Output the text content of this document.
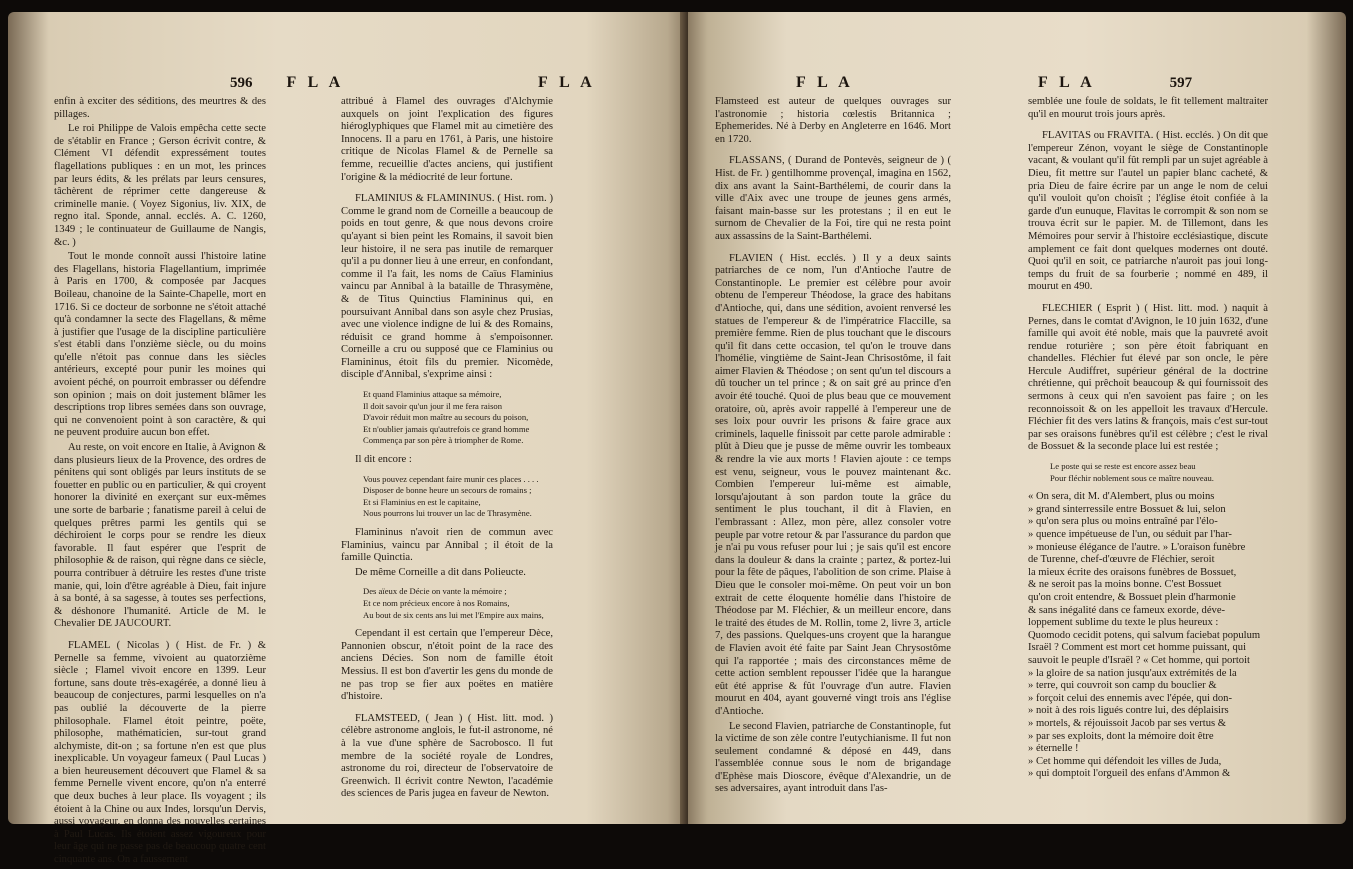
596 F L A	F L A

enfin à exciter des séditions, des meurtres & des pillages.

Le roi Philippe de Valois empêcha cette secte de s'établir en France ; Gerson écrivit contre, & Clément VI défendit expressément toutes flagellations publiques : en un mot, les princes par leurs édits, & les prélats par leurs censures, tâchèrent de réprimer cette dangereuse & criminelle manie. ( Voyez Sigonius, liv. XIX, de regno ital. Sponde, annal. ecclés. A. C. 1260, 1349 ; le continuateur de Guillaume de Nangis, &c. )

Tout le monde connoît aussi l'histoire latine des Flagellans, historia Flagellantium, imprimée à Paris en 1700, & composée par Jacques Boileau, chanoine de la Sainte-Chapelle, mort en 1716. Si ce docteur de sorbonne ne s'étoit attaché qu'à condamner la secte des Flagellans, & même à justifier que l'usage de la discipline particulière s'est établi dans l'onzième siècle, ou du moins qu'elle n'étoit pas connue dans les siècles antérieurs, excepté pour punir les moines qui avoient péché, on pourroit embrasser ou défendre son opinion ; mais on doit justement blâmer les descriptions trop libres semées dans son ouvrage, qui ne convenoient point à son caractère, & qui ne peuvent produire aucun bon effet.

Au reste, on voit encore en Italie, à Avignon & dans plusieurs lieux de la Provence, des ordres de pénitens qui sont obligés par leurs instituts de se fouetter en public ou en particulier, & qui croyent honorer la divinité en exerçant sur eux-mêmes une sorte de barbarie ; fanatisme pareil à celui de quelques prêtres parmi les gentils qui se déchiroient le corps pour se rendre les dieux favorable. Il faut espérer que l'esprit de philosophie & de raison, qui règne dans ce siècle, pourra contribuer à détruire les restes d'une triste manie, qui, loin d'être agréable à Dieu, fait injure à sa bonté, à sa sagesse, à toutes ses perfections, & déshonore l'humanité. Article de M. le Chevalier DE JAUCOURT.

FLAMEL ( Nicolas ) ( Hist. de Fr. ) & Pernelle sa femme, vivoient au quatorzième siècle ; Flamel vivoit encore en 1399. Leur fortune, sans doute très-exagérée, a donné lieu à beaucoup de conjectures, parmi lesquelles on n'a pas oublié la découverte de la pierre philosophale. Flamel étoit peintre, poëte, philosophe, mathématicien, sur-tout grand alchymiste, dit-on ; sa fortune n'en est que plus inexplicable. Un voyageur fameux ( Paul Lucas ) a bien heureusement découvert que Flamel & sa femme Pernelle vivent encore, qu'on n'a enterré que deux buches à leur place. Ils voyagent ; ils étoient à la Chine ou aux Indes, lorsqu'un Dervis, aussi voyageur, en donna des nouvelles certaines à Paul Lucas. Ils étoient assez vigoureux pour leur âge qui ne passe pas de beaucoup quatre cent cinquante ans. On a faussement

attribué à Flamel des ouvrages d'Alchymie auxquels on joint l'explication des figures hiéroglyphiques que Flamel mit au cimetière des Innocens. Il a paru en 1761, à Paris, une histoire critique de Nicolas Flamel & de Pernelle sa femme, recueillie d'actes anciens, qui justifient l'origine & la médiocrité de leur fortune.

FLAMINIUS & FLAMININUS. ( Hist. rom. ) Comme le grand nom de Corneille a beaucoup de poids en tout genre, & que nous devons croire qu'ayant si bien peint les Romains, il savoit bien leur histoire, il ne sera pas inutile de remarquer qu'il a pu donner lieu à une erreur, en confondant, comme il l'a fait, les noms de Caïus Flaminius vaincu par Annibal à la bataille de Thrasymène, & de Titus Quinctius Flamininus qui, en poursuivant Annibal dans son asyle chez Prusias, avec une violence indigne de lui & des Romains, réduisit ce grand homme à s'empoisonner. Corneille a cru ou supposé que ce Flaminius ou Flamininus, étoit fils du premier. Nicomède, disciple d'Annibal, s'exprime ainsi :

Et quand Flaminius attaque sa mémoire,
Il doit savoir qu'un jour il me fera raison
D'avoir réduit mon maître au secours du poison,
Et n'oublier jamais qu'autrefois ce grand homme
Commença par son père à triompher de Rome.

Il dit encore :

Vous pouvez cependant faire munir ces places . . . .
Disposer de bonne heure un secours de romains ;
Et si Flaminius en est le capitaine,
Nous pourrons lui trouver un lac de Thrasymène.

Flamininus n'avoit rien de commun avec Flaminius, vaincu par Annibal ; il étoit de la famille Quinctia.

De même Corneille a dit dans Polieucte.

Des aïeux de Décie on vante la mémoire ;
Et ce nom précieux encore à nos Romains,
Au bout de six cents ans lui met l'Empire aux mains,

Cependant il est certain que l'empereur Dèce, Pannonien obscur, n'étoit point de la race des anciens Décies. Son nom de famille étoit Messius. Il est bon d'avertir les gens du monde de ne pas trop se fier aux poëtes en matière d'histoire.

FLAMSTEED, ( Jean ) ( Hist. litt. mod. ) célèbre astronome anglois, le fut-il astronome, né à la vue d'une sphère de Sacrobosco. Il fut membre de la société royale de Londres, astronome du roi, directeur de l'observatoire de Greenwich. Il écrivit contre Newton, l'académie des sciences de Paris jugea en faveur de Newton.

F L A	F L A	597

Flamsteed est auteur de quelques ouvrages sur l'astronomie ; historia cœlestis Britannica ; Ephemerides. Né à Derby en Angleterre en 1646. Mort en 1720.

FLASSANS, ( Durand de Pontevès, seigneur de ) ( Hist. de Fr. ) gentilhomme provençal, imagina en 1562, dix ans avant la Saint-Barthélemi, de courir dans la ville d'Aix avec une troupe de jeunes gens armés, faisant main-basse sur les protestans ; il en eut le surnom de Chevalier de la Foi, tire qui ne resta point aux assassins de la Saint-Barthélemi.

FLAVIEN ( Hist. ecclés. ) Il y a deux saints patriarches de ce nom, l'un d'Antioche l'autre de Constantinople. Le premier est célèbre pour avoir obtenu de l'empereur Théodose, la grace des habitans d'Antioche, qui, dans une sédition, avoient renversé les statues de l'empereur & de l'impératrice Flaccille, sa première femme. Rien de plus touchant que le discours qu'il fit dans cette occasion, tel qu'on le trouve dans l'homélie, vingtième de Saint-Jean Chrisostôme, il fait aimer Flavien & Théodose ; on sent qu'un tel discours a dû toucher un tel prince ; & on sait gré au prince d'en avoir été touché. Quoi de plus beau que ce mouvement oratoire, où, après avoir rappellé à l'empereur une de ses loix pour ouvrir les prisons & faire grace aux criminels, laquelle finissoit par cette parole admirable : plût à Dieu que je pusse de même ouvrir les tombeaux & rendre la vie aux morts ! Flavien ajoute : ce temps est venu, seigneur, vous le pouvez maintenant &c. Combien l'empereur lui-même est aimable, lorsqu'ajoutant à son pardon toute la grâce du sentiment le plus touchant, il dit à Flavien, en l'embrassant : Allez, mon père, allez consoler votre peuple par votre retour & par l'assurance du pardon que je n'ai pu vous refuser pour lui ; je sais qu'il est encore dans la douleur & dans la crainte ; partez, & portez-lui pour la fête de pâques, l'abolition de son crime. Plaise à Dieu que le consoler moi-même. On peut voir un bon extrait de cette éloquente homélie dans l'histoire de Théodose par M. Fléchier, & un meilleur encore, dans le traité des études de M. Rollin, tome 2, livre 3, article 7, des passions. Quelques-uns croyent que la harangue de Flavien avoit été faite par Saint Jean Chrysostôme qui l'a rapportée ; mais des circonstances même de cette action semblent repousser l'idée que la harangue eût été apprise & fût l'ouvrage d'un autre. Flavien mourut en 404, ayant gouverné vingt trois ans l'église d'Antioche.

Le second Flavien, patriarche de Constantinople, fut la victime de son zèle contre l'eutychianisme. Il fut non seulement condamné & déposé en 449, dans l'assemblée connue sous le nom de brigandage d'Ephèse mais Dioscore, évêque d'Alexandrie, un de ses adversaires, ayant introduit dans l'as-

semblée une foule de soldats, le fit tellement maltraiter qu'il en mourut trois jours après.

FLAVITAS ou FRAVITA. ( Hist. ecclés. ) On dit que l'empereur Zénon, voyant le siège de Constantinople vacant, & voulant qu'il fût rempli par un sujet agréable à Dieu, fit mettre sur l'autel un papier blanc cacheté, & pria Dieu de faire écrire par un ange le nom de celui qu'il vouloit qu'on choisît ; l'église étoit confiée à la garde d'un eunuque, Flavitas le corrompit & son nom se trouva écrit sur le papier. M. de Tillemont, dans les Mémoires pour servir à l'histoire ecclésiastique, discute amplement ce fait dont quelques modernes ont douté. Quoi qu'il en soit, ce patriarche n'auroit pas joui long-temps du fruit de sa fourberie ; nommé en 489, il mourut en 490.

FLECHIER ( Esprit ) ( Hist. litt. mod. ) naquit à Pernes, dans le comtat d'Avignon, le 10 juin 1632, d'une famille qui avoit été noble, mais que la pauvreté avoit rendue roturière ; son père étoit fabriquant en chandelles. Fléchier fut élevé par son oncle, le père Hercule Audiffret, supérieur général de la doctrine chrétienne, qui prêchoit beaucoup & qui fournissoit des sermons à ceux qui n'en savoient pas faire ; on les reconnoissoit & on les appelloit les travaux d'Hercule. Fléchier fit des vers latins & françois, mais c'est sur-tout par ses oraisons funèbres qu'il est célèbre ; c'est le rival de Bossuet & la seconde place lui est restée ;

Le poste qui se reste est encore assez beau
Pour fléchir noblement sous ce maître nouveau.
« On sera, dit M. d'Alembert, plus ou moins
» grand sinterressile entre Bossuet & lui, selon
» qu'on sera plus ou moins entraîné par l'élo-
» quence impétueuse de l'un, ou séduit par l'har-
» monieuse élégance de l'autre. » L'oraison funèbre
de Turenne, chef-d'œuvre de Fléchier, seroit
la mieux écrite des oraisons funèbres de Bossuet,
& ne seroit pas la moins bonne. C'est Bossuet
qu'on croit entendre, & Bossuet plein d'harmonie
& sans inégalité dans ce fameux exorde, déve-
loppement sublime du texte le plus heureux :
Quomodo cecidit potens, qui salvum faciebat populum
Israël ? Comment est mort cet homme puissant, qui
sauvoit le peuple d'Israël ? « Cet homme, qui portoit
» la gloire de sa nation jusqu'aux extrémités de la
» terre, qui couvroit son camp du bouclier &
» forçoit celui des ennemis avec l'épée, qui don-
» noit à des rois ligués contre lui, des déplaisirs
» mortels, & réjouissoit Jacob par ses vertus &
» par ses exploits, dont la mémoire doit être
» éternelle !
» Cet homme qui défendoit les villes de Juda,
» qui domptoit l'orgueil des enfans d'Ammon &
